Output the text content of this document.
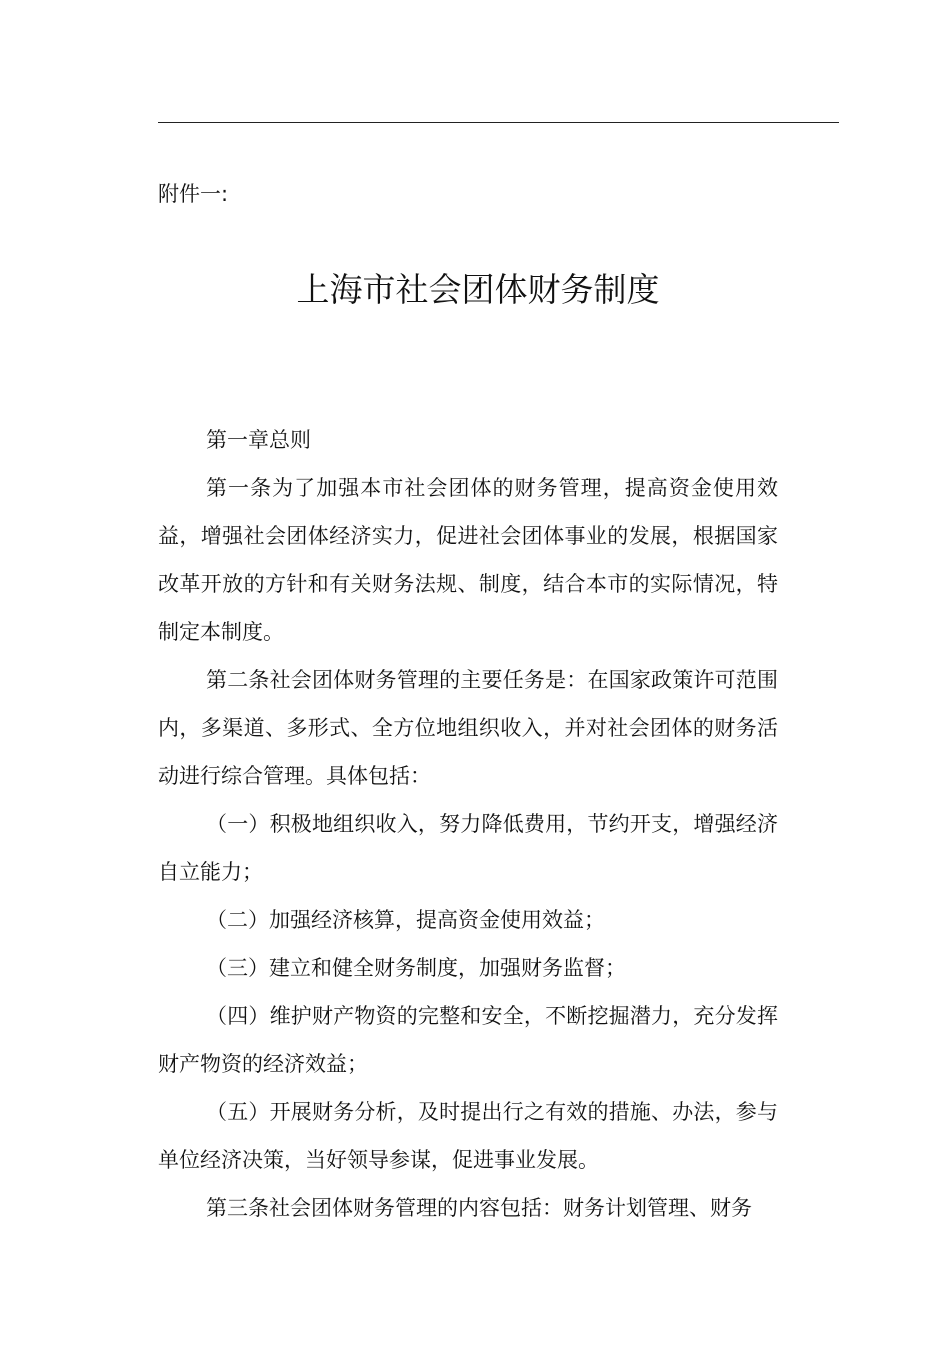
附件一:
上海市社会团体财务制度

第一章总则

第一条为了加强本市社会团体的财务管理，提高资金使用效益，增强社会团体经济实力，促进社会团体事业的发展，根据国家改革开放的方针和有关财务法规、制度，结合本市的实际情况，特制定本制度。

第二条社会团体财务管理的主要任务是：在国家政策许可范围内，多渠道、多形式、全方位地组织收入，并对社会团体的财务活动进行综合管理。具体包括：

（一）积极地组织收入，努力降低费用，节约开支，增强经济自立能力；

（二）加强经济核算，提高资金使用效益；

（三）建立和健全财务制度，加强财务监督；

（四）维护财产物资的完整和安全，不断挖掘潜力，充分发挥财产物资的经济效益；

（五）开展财务分析，及时提出行之有效的措施、办法，参与单位经济决策，当好领导参谋，促进事业发展。

第三条社会团体财务管理的内容包括：财务计划管理、财务
